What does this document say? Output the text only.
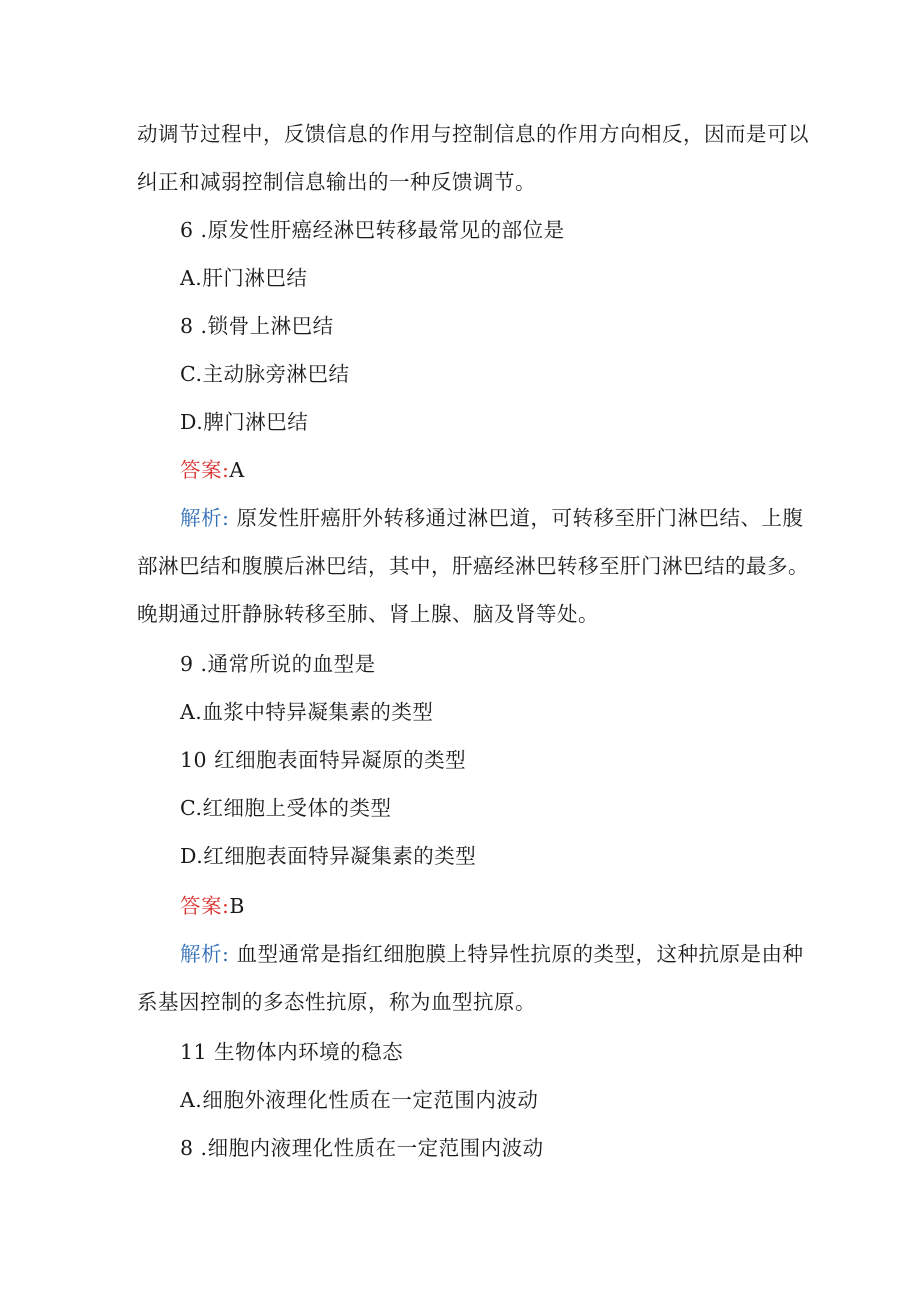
动调节过程中，反馈信息的作用与控制信息的作用方向相反，因而是可以
纠正和减弱控制信息输出的一种反馈调节。
6 .原发性肝癌经淋巴转移最常见的部位是
A.肝门淋巴结
8 .锁骨上淋巴结
C.主动脉旁淋巴结
D.脾门淋巴结
答案:A
解析: 原发性肝癌肝外转移通过淋巴道，可转移至肝门淋巴结、上腹
部淋巴结和腹膜后淋巴结，其中，肝癌经淋巴转移至肝门淋巴结的最多。
晚期通过肝静脉转移至肺、肾上腺、脑及肾等处。
9 .通常所说的血型是
A.血浆中特异凝集素的类型
10 红细胞表面特异凝原的类型
C.红细胞上受体的类型
D.红细胞表面特异凝集素的类型
答案:B
解析: 血型通常是指红细胞膜上特异性抗原的类型，这种抗原是由种
系基因控制的多态性抗原，称为血型抗原。
11 生物体内环境的稳态
A.细胞外液理化性质在一定范围内波动
8 .细胞内液理化性质在一定范围内波动
